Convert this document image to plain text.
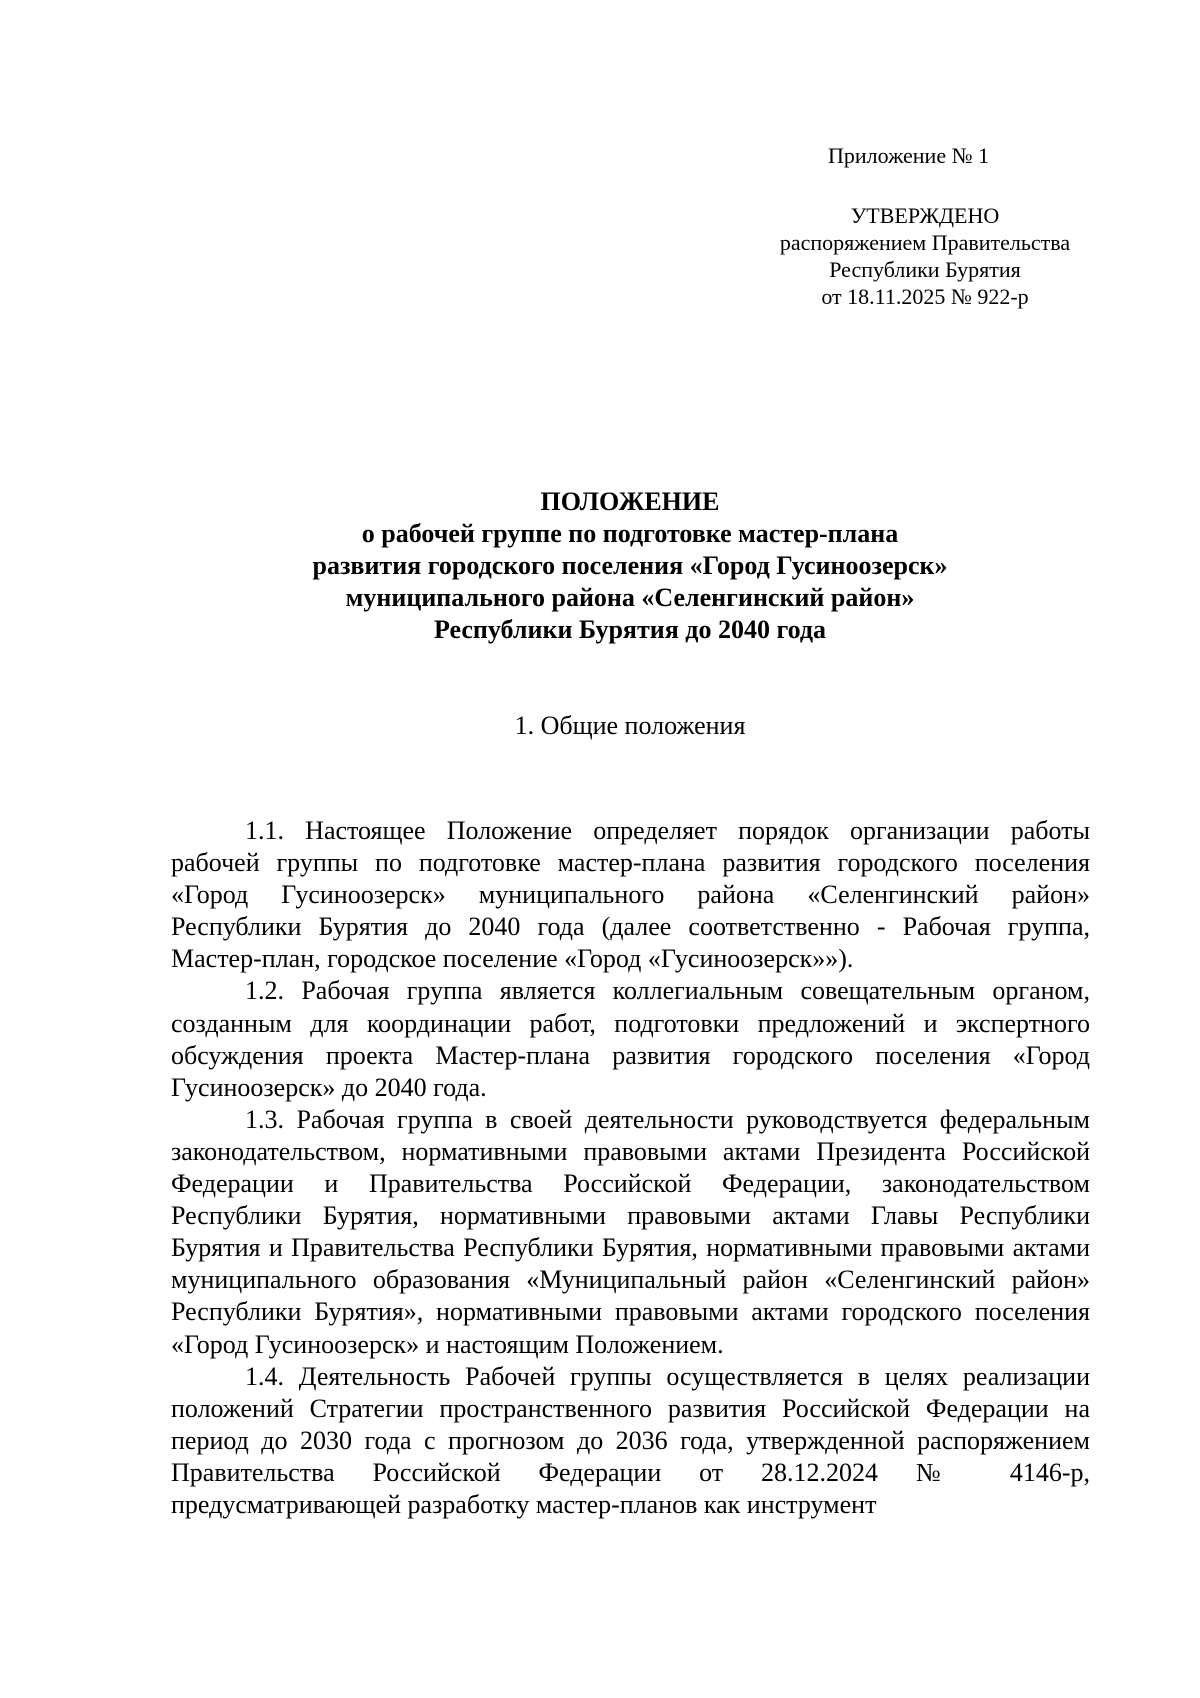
Приложение № 1
УТВЕРЖДЕНО
распоряжением Правительства
Республики Бурятия
от 18.11.2025 № 922-р
ПОЛОЖЕНИЕ
о рабочей группе по подготовке мастер-плана
развития городского поселения «Город Гусиноозерск»
муниципального района «Селенгинский район»
Республики Бурятия до 2040 года
1. Общие положения

1.1. Настоящее Положение определяет порядок организации работы рабочей группы по подготовке мастер-плана развития городского поселения «Город Гусиноозерск» муниципального района «Селенгинский район» Республики Бурятия до 2040 года (далее соответственно - Рабочая группа, Мастер-план, городское поселение «Город «Гусиноозерск»»).

1.2. Рабочая группа является коллегиальным совещательным органом, созданным для координации работ, подготовки предложений и экспертного обсуждения проекта Мастер-плана развития городского поселения «Город Гусиноозерск» до 2040 года.

1.3. Рабочая группа в своей деятельности руководствуется федеральным законодательством, нормативными правовыми актами Президента Российской Федерации и Правительства Российской Федерации, законодательством Республики Бурятия, нормативными правовыми актами Главы Республики Бурятия и Правительства Республики Бурятия, нормативными правовыми актами муниципального образования «Муниципальный район «Селенгинский район» Республики Бурятия», нормативными правовыми актами городского поселения «Город Гусиноозерск» и настоящим Положением.

1.4. Деятельность Рабочей группы осуществляется в целях реализации положений Стратегии пространственного развития Российской Федерации на период до 2030 года с прогнозом до 2036 года, утвержденной распоряжением Правительства Российской Федерации от 28.12.2024 № 4146-р, предусматривающей разработку мастер-планов как инструмент
